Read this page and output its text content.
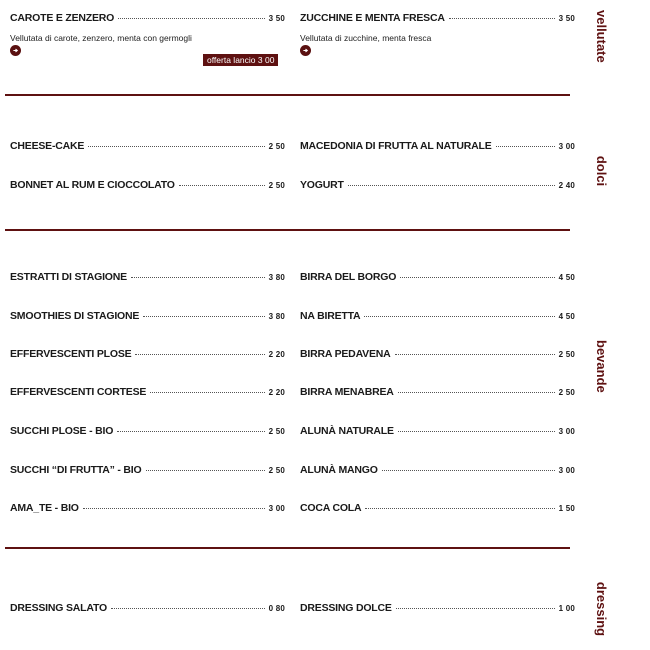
CAROTE E ZENZERO	3 50
Vellutata di carote, zenzero, menta con germogli
offerta lancio 3 00
ZUCCHINE E MENTA FRESCA	3 50
Vellutata di zucchine, menta fresca	vellutate
CHEESE-CAKE	2 50 MACEDONIA DI FRUTTA AL NATURALE	3 00
BONNET AL RUM E CIOCCOLATO	2 50 YOGURT	2 40 dolci
ESTRATTI DI STAGIONE	3 80 BIRRA DEL BORGO	4 50
SMOOTHIES DI STAGIONE	3 80 NA BIRETTA	4 50
EFFERVESCENTI PLOSE	2 20 BIRRA PEDAVENA	2 50
EFFERVESCENTI CORTESE	2 20 BIRRA MENABREA	2 50
SUCCHI PLOSE - BIO	2 50 ALUNÀ NATURALE	3 00
SUCCHI “DI FRUTTA” - BIO	2 50 ALUNÀ MANGO	3 00
AMA_TE - BIO	3 00 COCA COLA	1 50
bevande
DRESSING SALATO	0 80 DRESSING DOLCE	1 00 dressing
